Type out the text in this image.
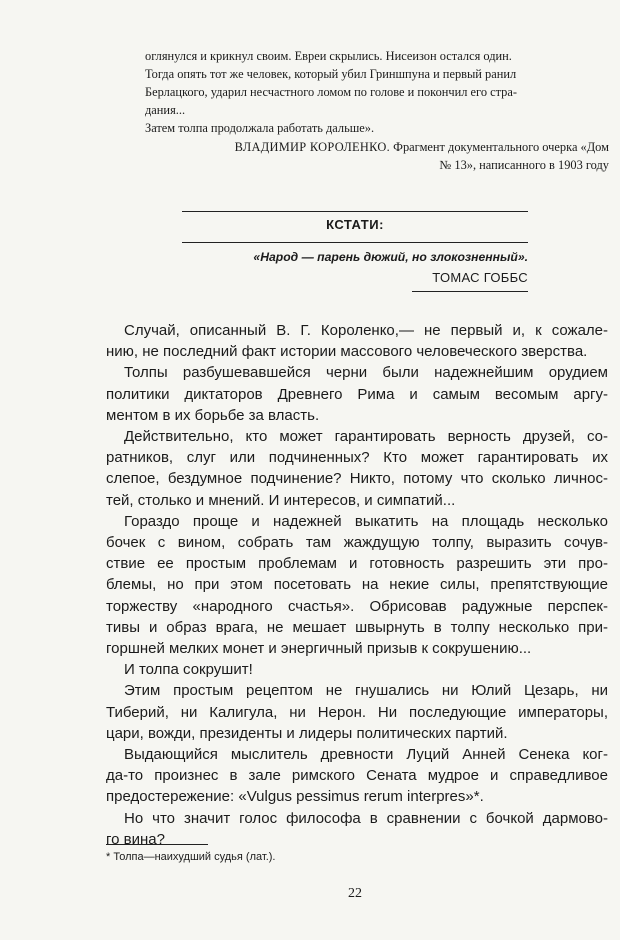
оглянулся и крикнул своим. Евреи скрылись. Нисеизон остался один.
Тогда опять тот же человек, который убил Гриншпуна и первый ранил
Берлацкого, ударил несчастного ломом по голове и покончил его стра-
дания...
Затем толпа продолжала работать дальше».
ВЛАДИМИР КОРОЛЕНКО. Фрагмент документального очерка «Дом
№ 13», написанного в 1903 году
КСТАТИ:
«Народ — парень дюжий, но злокозненный».
ТОМАС ГОББС
Случай, описанный В. Г. Короленко,— не первый и, к сожале-
нию, не последний факт истории массового человеческого зверства.
Толпы разбушевавшейся черни были надежнейшим орудием
политики диктаторов Древнего Рима и самым весомым аргу-
ментом в их борьбе за власть.
Действительно, кто может гарантировать верность друзей, со-
ратников, слуг или подчиненных? Кто может гарантировать их
слепое, бездумное подчинение? Никто, потому что сколько личнос-
тей, столько и мнений. И интересов, и симпатий...
Гораздо проще и надежней выкатить на площадь несколько
бочек с вином, собрать там жаждущую толпу, выразить сочув-
ствие ее простым проблемам и готовность разрешить эти про-
блемы, но при этом посетовать на некие силы, препятствующие
торжеству «народного счастья». Обрисовав радужные перспек-
тивы и образ врага, не мешает швырнуть в толпу несколько при-
горшней мелких монет и энергичный призыв к сокрушению...
И толпа сокрушит!
Этим простым рецептом не гнушались ни Юлий Цезарь, ни
Тиберий, ни Калигула, ни Нерон. Ни последующие императоры,
цари, вожди, президенты и лидеры политических партий.
Выдающийся мыслитель древности Луций Анней Сенека ког-
да-то произнес в зале римского Сената мудрое и справедливое
предостережение: «Vulgus pessimus rerum interpres»*.
Но что значит голос философа в сравнении с бочкой дармово-
го вина?
* Толпа—наихудший судья (лат.).
22
